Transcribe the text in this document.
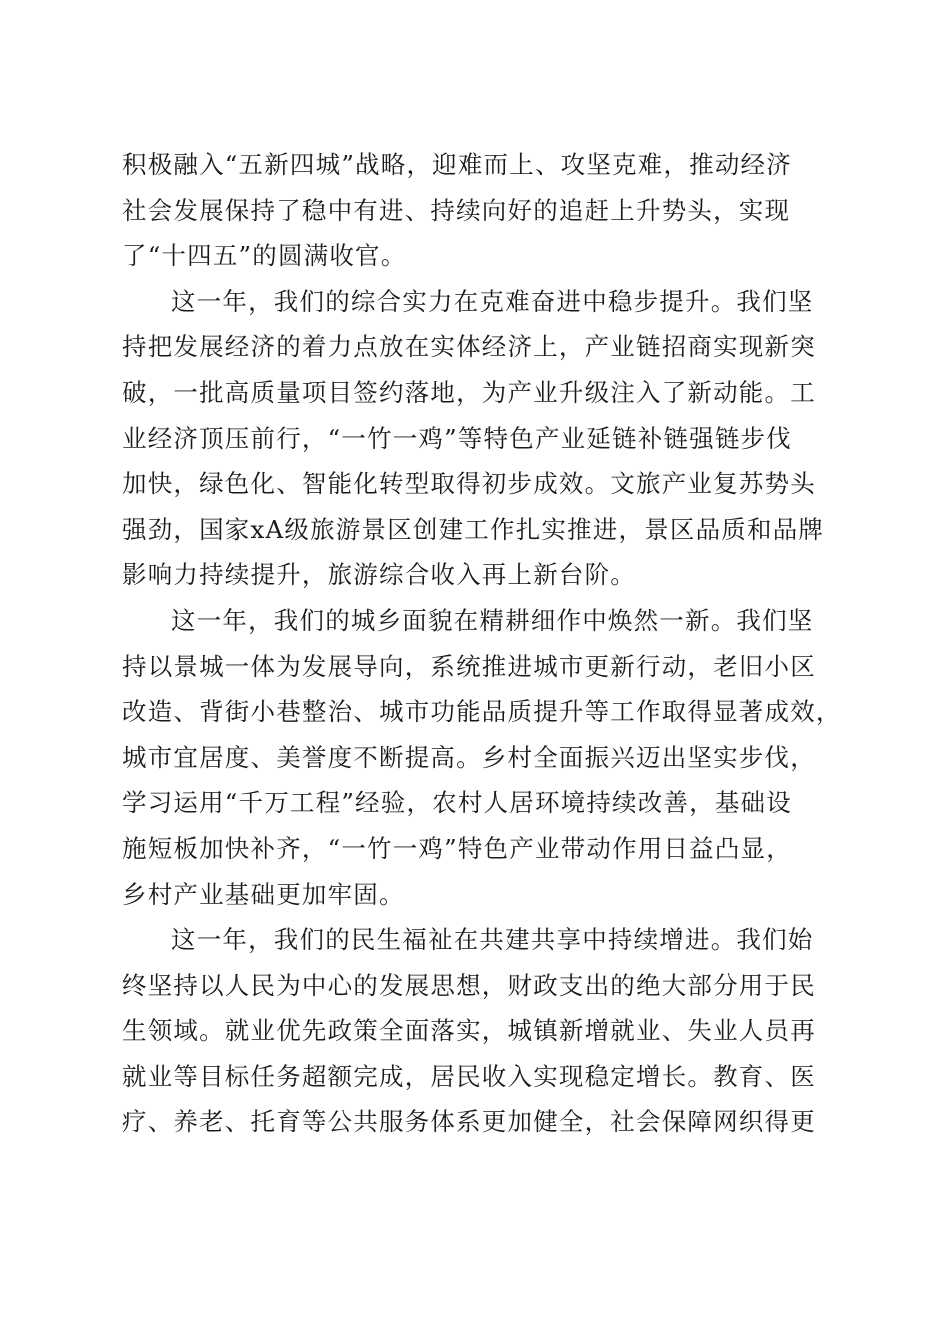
积极融入“五新四城”战略，迎难而上、攻坚克难，推动经济
社会发展保持了稳中有进、持续向好的追赶上升势头，实现
了“十四五”的圆满收官。
这一年，我们的综合实力在克难奋进中稳步提升。我们坚
持把发展经济的着力点放在实体经济上，产业链招商实现新突
破，一批高质量项目签约落地，为产业升级注入了新动能。工
业经济顶压前行，“一竹一鸡”等特色产业延链补链强链步伐
加快，绿色化、智能化转型取得初步成效。文旅产业复苏势头
强劲，国家xA级旅游景区创建工作扎实推进，景区品质和品牌
影响力持续提升，旅游综合收入再上新台阶。
这一年，我们的城乡面貌在精耕细作中焕然一新。我们坚
持以景城一体为发展导向，系统推进城市更新行动，老旧小区
改造、背街小巷整治、城市功能品质提升等工作取得显著成效，
城市宜居度、美誉度不断提高。乡村全面振兴迈出坚实步伐，
学习运用“千万工程”经验，农村人居环境持续改善，基础设
施短板加快补齐，“一竹一鸡”特色产业带动作用日益凸显，
乡村产业基础更加牢固。
这一年，我们的民生福祉在共建共享中持续增进。我们始
终坚持以人民为中心的发展思想，财政支出的绝大部分用于民
生领域。就业优先政策全面落实，城镇新增就业、失业人员再
就业等目标任务超额完成，居民收入实现稳定增长。教育、医
疗、养老、托育等公共服务体系更加健全，社会保障网织得更
